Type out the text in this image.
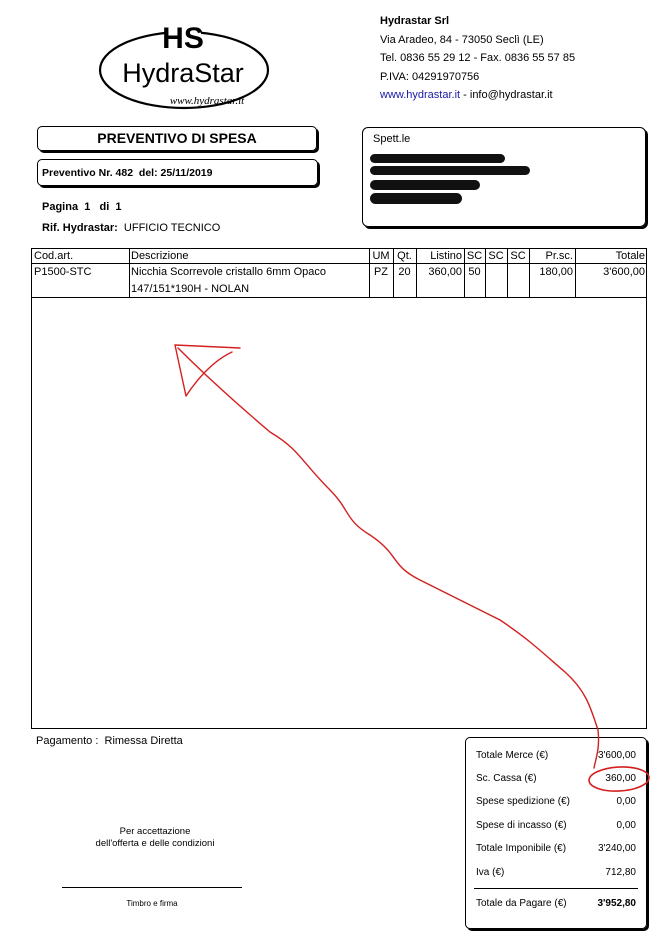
HS
HydraStar
www.hydrastar.it
Hydrastar Srl
Via Aradeo, 84 - 73050 Seclì (LE)
Tel. 0836 55 29 12 - Fax. 0836 55 57 85
P.IVA: 04291970756
www.hydrastar.it - info@hydrastar.it
PREVENTIVO DI SPESA
Preventivo Nr. 482 del: 25/11/2019
Spett.le
Pagina 1 di 1
Rif. Hydrastar: UFFICIO TECNICO
Cod.art.	Descrizione	UM Qt.	Listino SC SC SC	Pr.sc.	Totale
P1500-STC	Nicchia Scorrevole cristallo 6mm Opaco
147/151*190H - NOLAN
PZ 20	360,00 50	180,00	3'600,00
Pagamento : Rimessa Diretta
Per accettazione
dell'offerta e delle condizioni
Timbro e firma
Totale Merce (€)	3'600,00
Sc. Cassa (€)	360,00
Spese spedizione (€)	0,00
Spese di incasso (€)	0,00
Totale Imponibile (€)	3'240,00
Iva (€)	712,80
Totale da Pagare (€)	3'952,80
